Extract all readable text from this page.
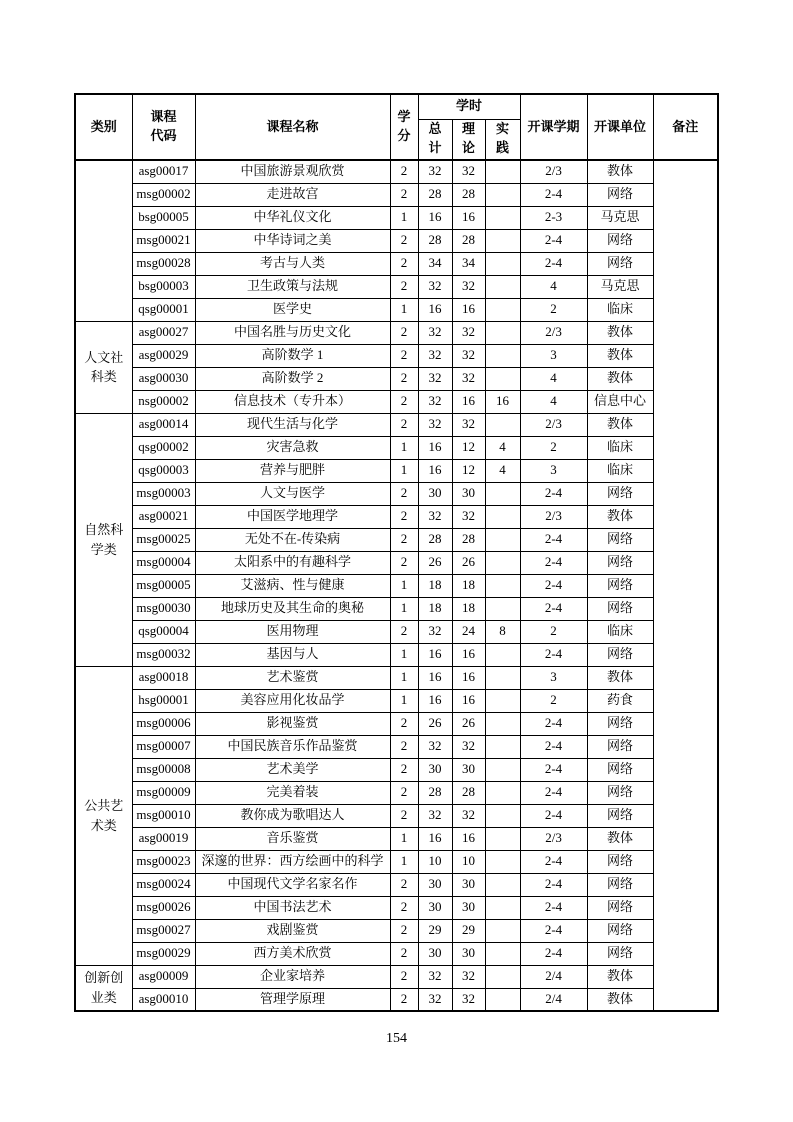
类别	课程代码	课程名称	学分	学时			开课学期	开课单位	备注
				总计	理论	实践			
	asg00017	中国旅游景观欣赏	2	32	32		2/3	教体	
	msg00002	走进故宫	2	28	28		2-4	网络	
	bsg00005	中华礼仪文化	1	16	16		2-3	马克思	
	msg00021	中华诗词之美	2	28	28		2-4	网络	
	msg00028	考古与人类	2	34	34		2-4	网络	
	bsg00003	卫生政策与法规	2	32	32		4	马克思	
	qsg00001	医学史	1	16	16		2	临床	
人文社科类	asg00027	中国名胜与历史文化	2	32	32		2/3	教体	
	asg00029	高阶数学 1	2	32	32		3	教体	
	asg00030	高阶数学 2	2	32	32		4	教体	
	nsg00002	信息技术（专升本）	2	32	16	16	4	信息中心	
自然科学类	asg00014	现代生活与化学	2	32	32		2/3	教体	
	qsg00002	灾害急救	1	16	12	4	2	临床	
	qsg00003	营养与肥胖	1	16	12	4	3	临床	
	msg00003	人文与医学	2	30	30		2-4	网络	
	asg00021	中国医学地理学	2	32	32		2/3	教体	
	msg00025	无处不在-传染病	2	28	28		2-4	网络	
	msg00004	太阳系中的有趣科学	2	26	26		2-4	网络	
	msg00005	艾滋病、性与健康	1	18	18		2-4	网络	
	msg00030	地球历史及其生命的奥秘	1	18	18		2-4	网络	
	qsg00004	医用物理	2	32	24	8	2	临床	
	msg00032	基因与人	1	16	16		2-4	网络	
公共艺术类	asg00018	艺术鉴赏	1	16	16		3	教体	
	hsg00001	美容应用化妆品学	1	16	16		2	药食	
	msg00006	影视鉴赏	2	26	26		2-4	网络	
	msg00007	中国民族音乐作品鉴赏	2	32	32		2-4	网络	
	msg00008	艺术美学	2	30	30		2-4	网络	
	msg00009	完美着装	2	28	28		2-4	网络	
	msg00010	教你成为歌唱达人	2	32	32		2-4	网络	
	asg00019	音乐鉴赏	1	16	16		2/3	教体	
	msg00023	深邃的世界：西方绘画中的科学	1	10	10		2-4	网络	
	msg00024	中国现代文学名家名作	2	30	30		2-4	网络	
	msg00026	中国书法艺术	2	30	30		2-4	网络	
	msg00027	戏剧鉴赏	2	29	29		2-4	网络	
	msg00029	西方美术欣赏	2	30	30		2-4	网络	
创新创业类	asg00009	企业家培养	2	32	32		2/4	教体	
	asg00010	管理学原理	2	32	32		2/4	教体	
154
